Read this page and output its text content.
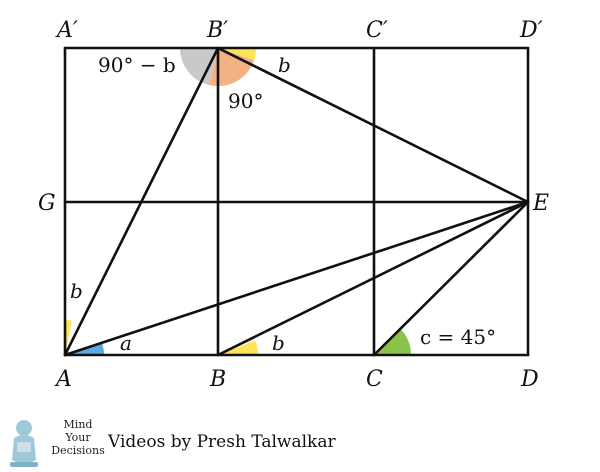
A′	B′	C′	D′
G	E
A	B	C	D
90° − b	b
90°
b
a	b	c = 45°
Mind
Your
Decisions Videos by Presh Talwalkar
